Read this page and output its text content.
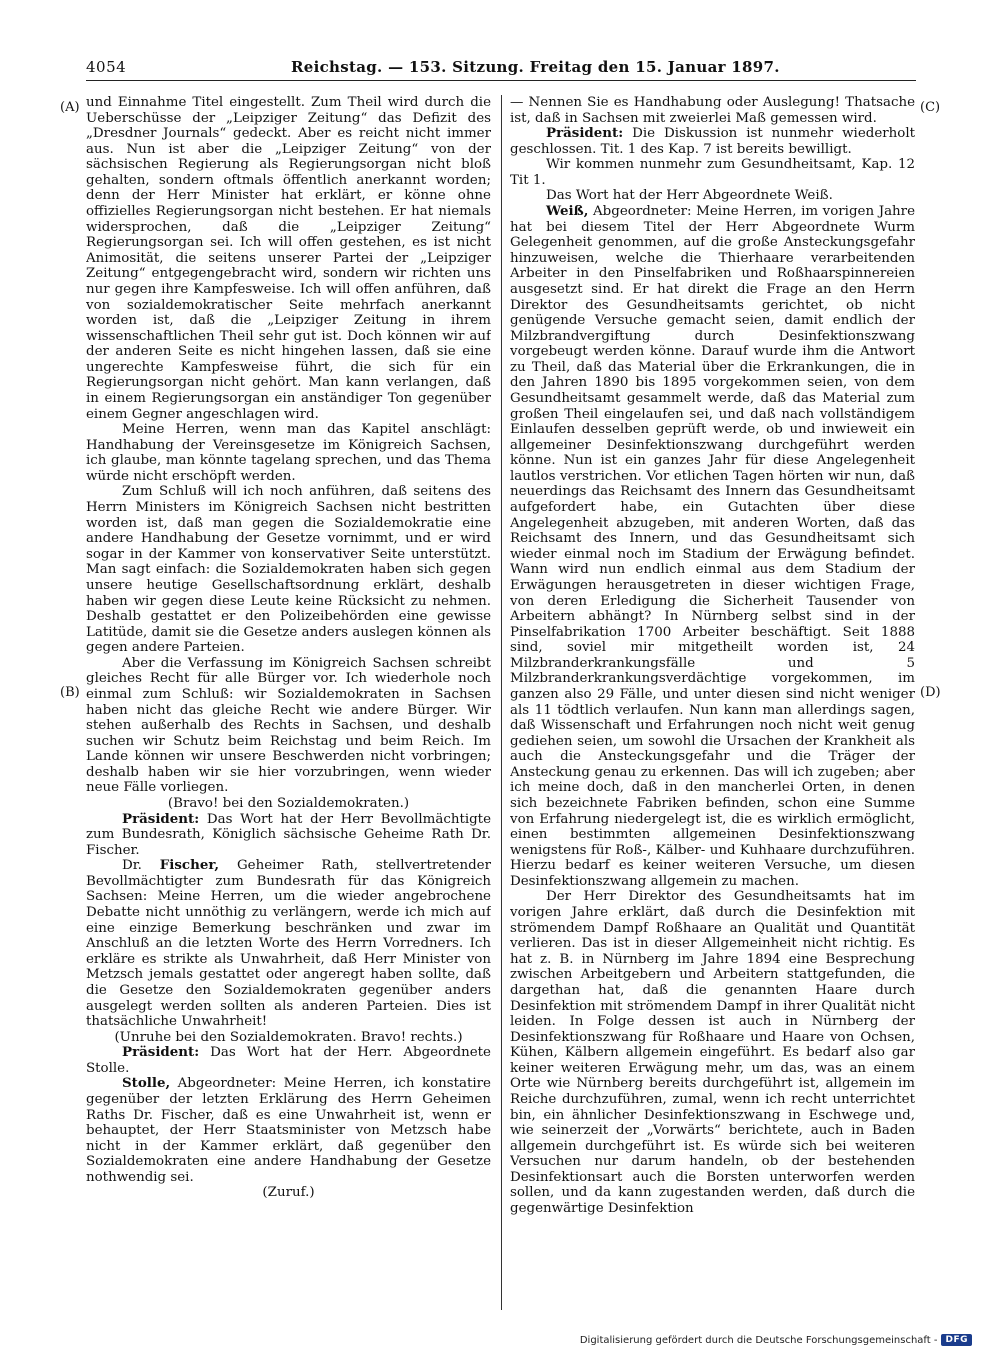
4054	Reichstag. — 153. Sitzung. Freitag den 15. Januar 1897.
(A)
(B)
(C)
(D)

und Einnahme Titel eingestellt. Zum Theil wird durch die Ueberschüsse der „Leipziger Zeitung“ das Defizit des „Dresdner Journals“ gedeckt. Aber es reicht nicht immer aus. Nun ist aber die „Leipziger Zeitung“ von der sächsischen Regierung als Regierungsorgan nicht bloß gehalten, sondern oftmals öffentlich anerkannt worden; denn der Herr Minister hat erklärt, er könne ohne offizielles Regierungsorgan nicht bestehen. Er hat niemals widersprochen, daß die „Leipziger Zeitung“ Regierungsorgan sei. Ich will offen gestehen, es ist nicht Animosität, die seitens unserer Partei der „Leipziger Zeitung“ entgegengebracht wird, sondern wir richten uns nur gegen ihre Kampfesweise. Ich will offen anführen, daß von sozialdemokratischer Seite mehrfach anerkannt worden ist, daß die „Leipziger Zeitung in ihrem wissenschaftlichen Theil sehr gut ist. Doch können wir auf der anderen Seite es nicht hingehen lassen, daß sie eine ungerechte Kampfesweise führt, die sich für ein Regierungsorgan nicht gehört. Man kann verlangen, daß in einem Regierungsorgan ein anständiger Ton gegenüber einem Gegner angeschlagen wird.

Meine Herren, wenn man das Kapitel anschlägt: Handhabung der Vereinsgesetze im Königreich Sachsen, ich glaube, man könnte tagelang sprechen, und das Thema würde nicht erschöpft werden.

Zum Schluß will ich noch anführen, daß seitens des Herrn Ministers im Königreich Sachsen nicht bestritten worden ist, daß man gegen die Sozialdemokratie eine andere Handhabung der Gesetze vornimmt, und er wird sogar in der Kammer von konservativer Seite unterstützt. Man sagt einfach: die Sozialdemokraten haben sich gegen unsere heutige Gesellschaftsordnung erklärt, deshalb haben wir gegen diese Leute keine Rücksicht zu nehmen. Deshalb gestattet er den Polizeibehörden eine gewisse Latitüde, damit sie die Gesetze anders auslegen können als gegen andere Parteien.

Aber die Verfassung im Königreich Sachsen schreibt gleiches Recht für alle Bürger vor. Ich wiederhole noch einmal zum Schluß: wir Sozialdemokraten in Sachsen haben nicht das gleiche Recht wie andere Bürger. Wir stehen außerhalb des Rechts in Sachsen, und deshalb suchen wir Schutz beim Reichstag und beim Reich. Im Lande können wir unsere Beschwerden nicht vorbringen; deshalb haben wir sie hier vorzubringen, wenn wieder neue Fälle vorliegen.

(Bravo! bei den Sozialdemokraten.)

Präsident: Das Wort hat der Herr Bevollmächtigte zum Bundesrath, Königlich sächsische Geheime Rath Dr. Fischer.

Dr. Fischer, Geheimer Rath, stellvertretender Bevollmächtigter zum Bundesrath für das Königreich Sachsen: Meine Herren, um die wieder angebrochene Debatte nicht unnöthig zu verlängern, werde ich mich auf eine einzige Bemerkung beschränken und zwar im Anschluß an die letzten Worte des Herrn Vorredners. Ich erkläre es strikte als Unwahrheit, daß Herr Minister von Metzsch jemals gestattet oder angeregt haben sollte, daß die Gesetze den Sozialdemokraten gegenüber anders ausgelegt werden sollten als anderen Parteien. Dies ist thatsächliche Unwahrheit!

(Unruhe bei den Sozialdemokraten. Bravo! rechts.)

Präsident: Das Wort hat der Herr. Abgeordnete Stolle.

Stolle, Abgeordneter: Meine Herren, ich konstatire gegenüber der letzten Erklärung des Herrn Geheimen Raths Dr. Fischer, daß es eine Unwahrheit ist, wenn er behauptet, der Herr Staatsminister von Metzsch habe nicht in der Kammer erklärt, daß gegenüber den Sozialdemokraten eine andere Handhabung der Gesetze nothwendig sei.

(Zuruf.)

— Nennen Sie es Handhabung oder Auslegung! Thatsache ist, daß in Sachsen mit zweierlei Maß gemessen wird.

Präsident: Die Diskussion ist nunmehr wiederholt geschlossen. Tit. 1 des Kap. 7 ist bereits bewilligt.

Wir kommen nunmehr zum Gesundheitsamt, Kap. 12 Tit 1.

Das Wort hat der Herr Abgeordnete Weiß.

Weiß, Abgeordneter: Meine Herren, im vorigen Jahre hat bei diesem Titel der Herr Abgeordnete Wurm Gelegenheit genommen, auf die große Ansteckungsgefahr hinzuweisen, welche die Thierhaare verarbeitenden Arbeiter in den Pinselfabriken und Roßhaarspinnereien ausgesetzt sind. Er hat direkt die Frage an den Herrn Direktor des Gesundheitsamts gerichtet, ob nicht genügende Versuche gemacht seien, damit endlich der Milzbrandvergiftung durch Desinfektionszwang vorgebeugt werden könne. Darauf wurde ihm die Antwort zu Theil, daß das Material über die Erkrankungen, die in den Jahren 1890 bis 1895 vorgekommen seien, von dem Gesundheitsamt gesammelt werde, daß das Material zum großen Theil eingelaufen sei, und daß nach vollständigem Einlaufen desselben geprüft werde, ob und inwieweit ein allgemeiner Desinfektionszwang durchgeführt werden könne. Nun ist ein ganzes Jahr für diese Angelegenheit lautlos verstrichen. Vor etlichen Tagen hörten wir nun, daß neuerdings das Reichsamt des Innern das Gesundheitsamt aufgefordert habe, ein Gutachten über diese Angelegenheit abzugeben, mit anderen Worten, daß das Reichsamt des Innern, und das Gesundheitsamt sich wieder einmal noch im Stadium der Erwägung befindet. Wann wird nun endlich einmal aus dem Stadium der Erwägungen herausgetreten in dieser wichtigen Frage, von deren Erledigung die Sicherheit Tausender von Arbeitern abhängt? In Nürnberg selbst sind in der Pinselfabrikation 1700 Arbeiter beschäftigt. Seit 1888 sind, soviel mir mitgetheilt worden ist, 24 Milzbranderkrankungsfälle und 5 Milzbranderkrankungsverdächtige vorgekommen, im ganzen also 29 Fälle, und unter diesen sind nicht weniger als 11 tödtlich verlaufen. Nun kann man allerdings sagen, daß Wissenschaft und Erfahrungen noch nicht weit genug gediehen seien, um sowohl die Ursachen der Krankheit als auch die Ansteckungsgefahr und die Träger der Ansteckung genau zu erkennen. Das will ich zugeben; aber ich meine doch, daß in den mancherlei Orten, in denen sich bezeichnete Fabriken befinden, schon eine Summe von Erfahrung niedergelegt ist, die es wirklich ermöglicht, einen bestimmten allgemeinen Desinfektionszwang wenigstens für Roß-, Kälber- und Kuhhaare durchzuführen. Hierzu bedarf es keiner weiteren Versuche, um diesen Desinfektionszwang allgemein zu machen.

Der Herr Direktor des Gesundheitsamts hat im vorigen Jahre erklärt, daß durch die Desinfektion mit strömendem Dampf Roßhaare an Qualität und Quantität verlieren. Das ist in dieser Allgemeinheit nicht richtig. Es hat z. B. in Nürnberg im Jahre 1894 eine Besprechung zwischen Arbeitgebern und Arbeitern stattgefunden, die dargethan hat, daß die genannten Haare durch Desinfektion mit strömendem Dampf in ihrer Qualität nicht leiden. In Folge dessen ist auch in Nürnberg der Desinfektionszwang für Roßhaare und Haare von Ochsen, Kühen, Kälbern allgemein eingeführt. Es bedarf also gar keiner weiteren Erwägung mehr, um das, was an einem Orte wie Nürnberg bereits durchgeführt ist, allgemein im Reiche durchzuführen, zumal, wenn ich recht unterrichtet bin, ein ähnlicher Desinfektionszwang in Eschwege und, wie seinerzeit der „Vorwärts“ berichtete, auch in Baden allgemein durchgeführt ist. Es würde sich bei weiteren Versuchen nur darum handeln, ob der bestehenden Desinfektionsart auch die Borsten unterworfen werden sollen, und da kann zugestanden werden, daß durch die gegenwärtige Desinfektion

Digitalisierung gefördert durch die Deutsche Forschungsgemeinschaft - DFG
